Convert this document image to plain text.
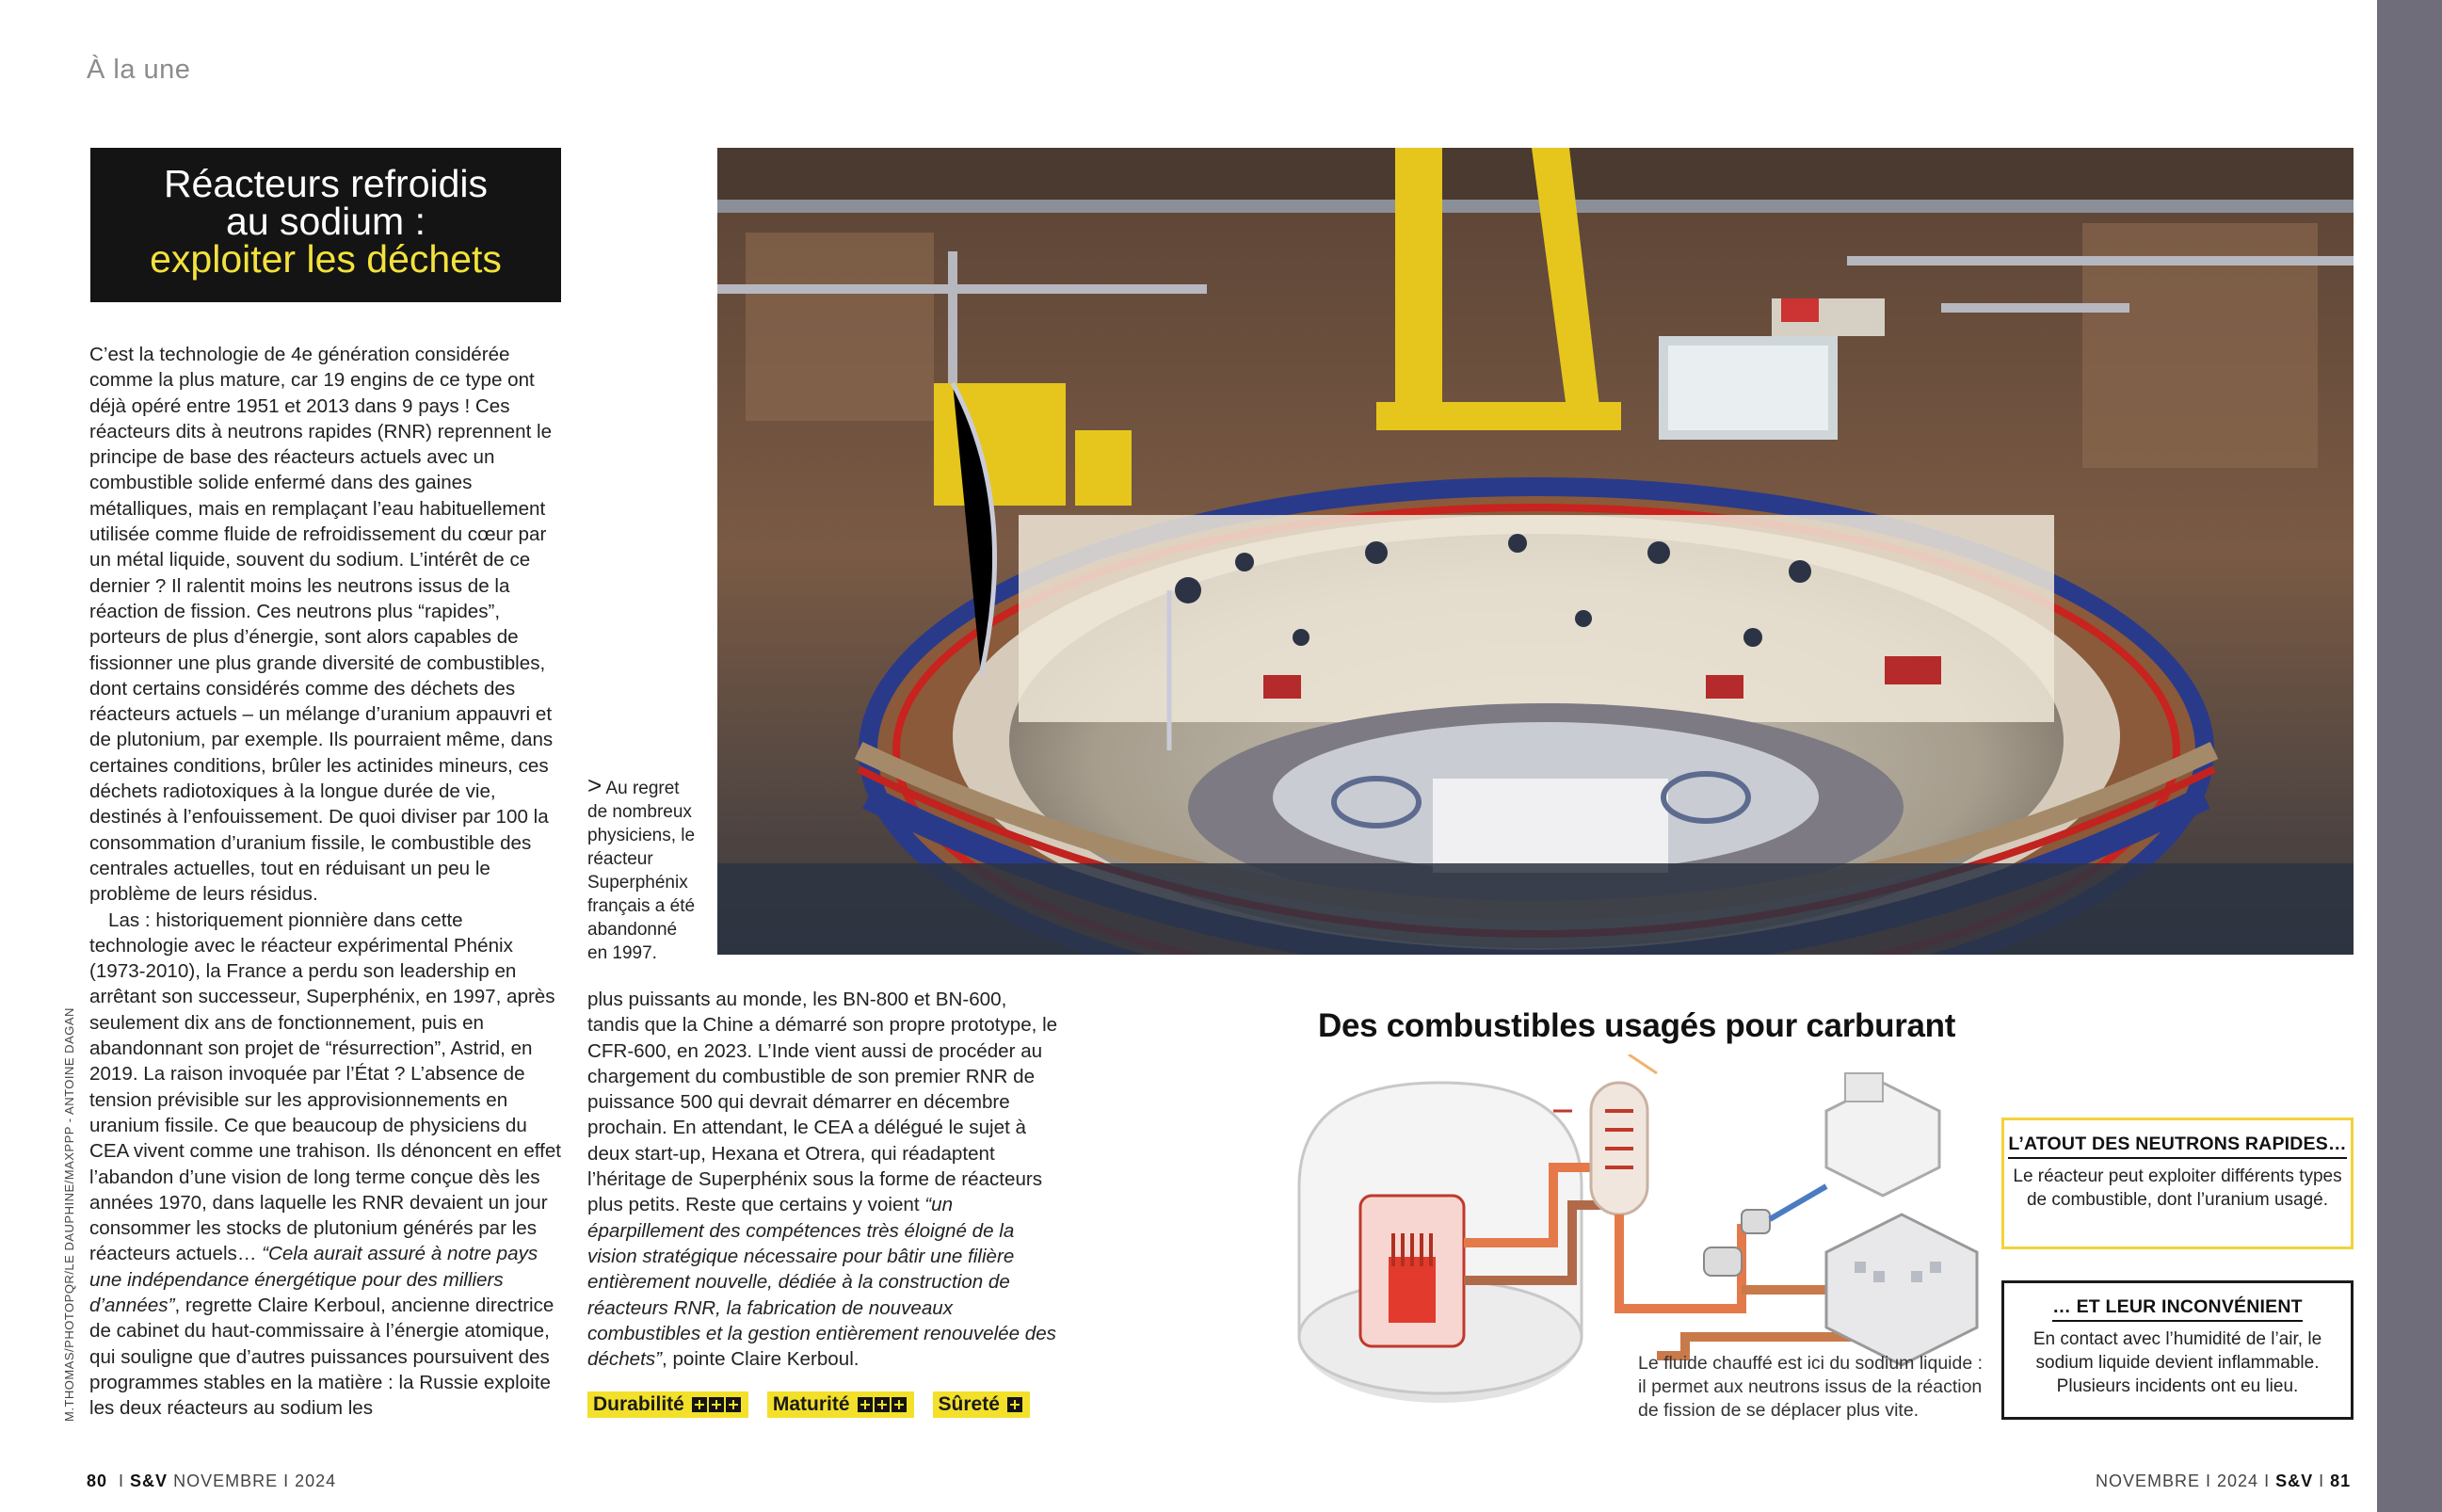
À la une
Réacteurs refroidis
au sodium :
exploiter les déchets

C’est la technologie de 4e génération considérée comme la plus mature, car 19 engins de ce type ont déjà opéré entre 1951 et 2013 dans 9 pays ! Ces réacteurs dits à neutrons rapides (RNR) reprennent le principe de base des réacteurs actuels avec un combustible solide enfermé dans des gaines métalliques, mais en remplaçant l’eau habituellement utilisée comme fluide de refroidissement du cœur par un métal liquide, souvent du sodium. L’intérêt de ce dernier ? Il ralentit moins les neutrons issus de la réaction de fission. Ces neutrons plus “rapides”, porteurs de plus d’énergie, sont alors capables de fissionner une plus grande diversité de combustibles, dont certains considérés comme des déchets des réacteurs actuels – un mélange d’uranium appauvri et de plutonium, par exemple. Ils pourraient même, dans certaines conditions, brûler les actinides mineurs, ces déchets radiotoxiques à la longue durée de vie, destinés à l’enfouissement. De quoi diviser par 100 la consommation d’uranium fissile, le combustible des centrales actuelles, tout en réduisant un peu le problème de leurs résidus.

Las : historiquement pionnière dans cette technologie avec le réacteur expérimental Phénix (1973-2010), la France a perdu son leadership en arrêtant son successeur, Superphénix, en 1997, après seulement dix ans de fonctionnement, puis en abandonnant son projet de “résurrection”, Astrid, en 2019. La raison invoquée par l’État ? L’absence de tension prévisible sur les approvisionnements en uranium fissile. Ce que beaucoup de physiciens du CEA vivent comme une trahison. Ils dénoncent en effet l’abandon d’une vision de long terme conçue dès les années 1970, dans laquelle les RNR devaient un jour consommer les stocks de plutonium générés par les réacteurs actuels… “Cela aurait assuré à notre pays une indépendance énergétique pour des milliers d’années”, regrette Claire Kerboul, ancienne directrice de cabinet du haut-commissaire à l’énergie atomique, qui souligne que d’autres puissances poursuivent des programmes stables en la matière : la Russie exploite les deux réacteurs au sodium les

M.THOMAS/PHOTOPQR/LE DAUPHINE/MAXPPP - ANTOINE DAGAN
> Au regret de nombreux physiciens, le réacteur Superphénix français a été abandonné en 1997.

plus puissants au monde, les BN-800 et BN-600, tandis que la Chine a démarré son propre prototype, le CFR-600, en 2023. L’Inde vient aussi de procéder au chargement du combustible de son premier RNR de puissance 500 qui devrait démarrer en décembre prochain. En attendant, le CEA a délégué le sujet à deux start-up, Hexana et Otrera, qui réadaptent l’héritage de Superphénix sous la forme de réacteurs plus petits. Reste que certains y voient “un éparpillement des compétences très éloigné de la vision stratégique nécessaire pour bâtir une filière entièrement nouvelle, dédiée à la construction de réacteurs RNR, la fabrication de nouveaux combustibles et la gestion entièrement renouvelée des déchets”, pointe Claire Kerboul.

Durabilité	Maturité	Sûreté
Des combustibles usagés pour carburant
Le fluide chauffé est ici du sodium liquide : il permet aux neutrons issus de la réaction de fission de se déplacer plus vite.
L’ATOUT DES NEUTRONS RAPIDES…
Le réacteur peut exploiter différents types de combustible, dont l’uranium usagé.
… ET LEUR INCONVÉNIENT
En contact avec l’humidité de l’air, le sodium liquide devient inflammable. Plusieurs incidents ont eu lieu.
80  I S&V NOVEMBRE I 2024	NOVEMBRE I 2024 I S&V I 81
